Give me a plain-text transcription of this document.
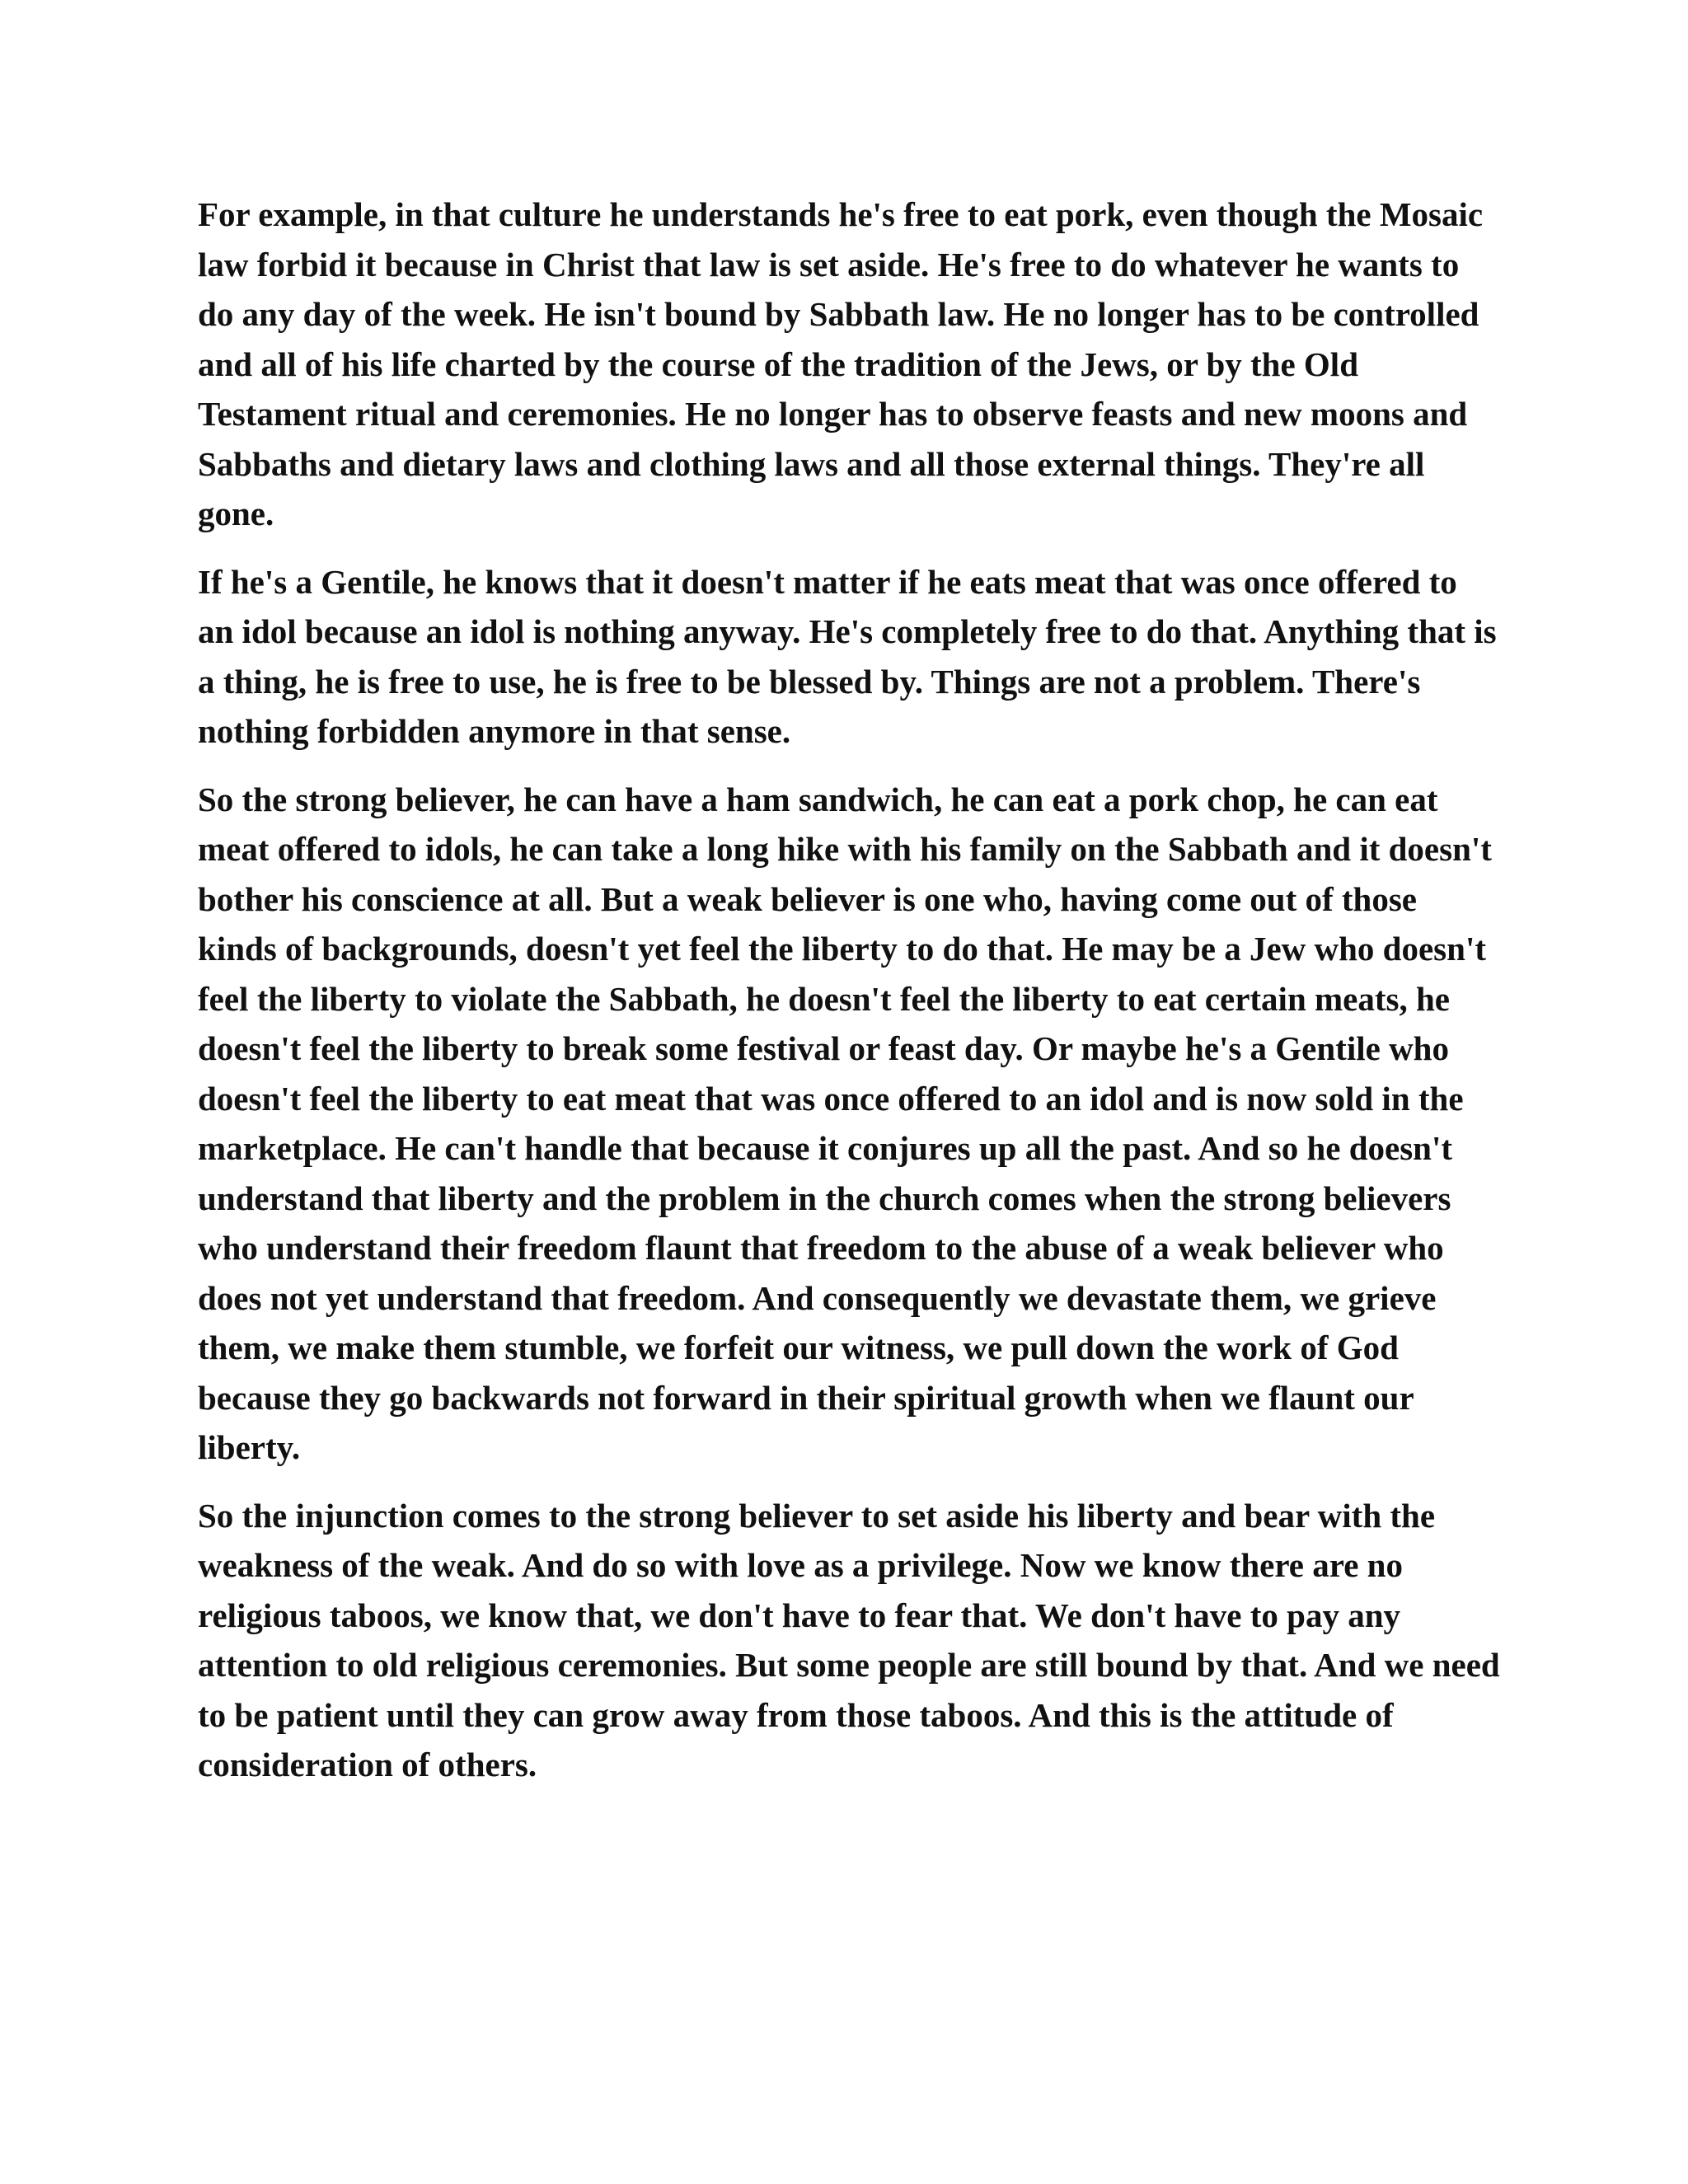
For example, in that culture he understands he's free to eat pork, even though the Mosaic law forbid it because in Christ that law is set aside. He's free to do whatever he wants to do any day of the week. He isn't bound by Sabbath law. He no longer has to be controlled and all of his life charted by the course of the tradition of the Jews, or by the Old Testament ritual and ceremonies. He no longer has to observe feasts and new moons and Sabbaths and dietary laws and clothing laws and all those external things. They're all gone.

If he's a Gentile, he knows that it doesn't matter if he eats meat that was once offered to an idol because an idol is nothing anyway. He's completely free to do that. Anything that is a thing, he is free to use, he is free to be blessed by. Things are not a problem. There's nothing forbidden anymore in that sense.

So the strong believer, he can have a ham sandwich, he can eat a pork chop, he can eat meat offered to idols, he can take a long hike with his family on the Sabbath and it doesn't bother his conscience at all. But a weak believer is one who, having come out of those kinds of backgrounds, doesn't yet feel the liberty to do that. He may be a Jew who doesn't feel the liberty to violate the Sabbath, he doesn't feel the liberty to eat certain meats, he doesn't feel the liberty to break some festival or feast day. Or maybe he's a Gentile who doesn't feel the liberty to eat meat that was once offered to an idol and is now sold in the marketplace. He can't handle that because it conjures up all the past. And so he doesn't understand that liberty and the problem in the church comes when the strong believers who understand their freedom flaunt that freedom to the abuse of a weak believer who does not yet understand that freedom. And consequently we devastate them, we grieve them, we make them stumble, we forfeit our witness, we pull down the work of God because they go backwards not forward in their spiritual growth when we flaunt our liberty.

So the injunction comes to the strong believer to set aside his liberty and bear with the weakness of the weak. And do so with love as a privilege. Now we know there are no religious taboos, we know that, we don't have to fear that. We don't have to pay any attention to old religious ceremonies. But some people are still bound by that. And we need to be patient until they can grow away from those taboos. And this is the attitude of consideration of others.
